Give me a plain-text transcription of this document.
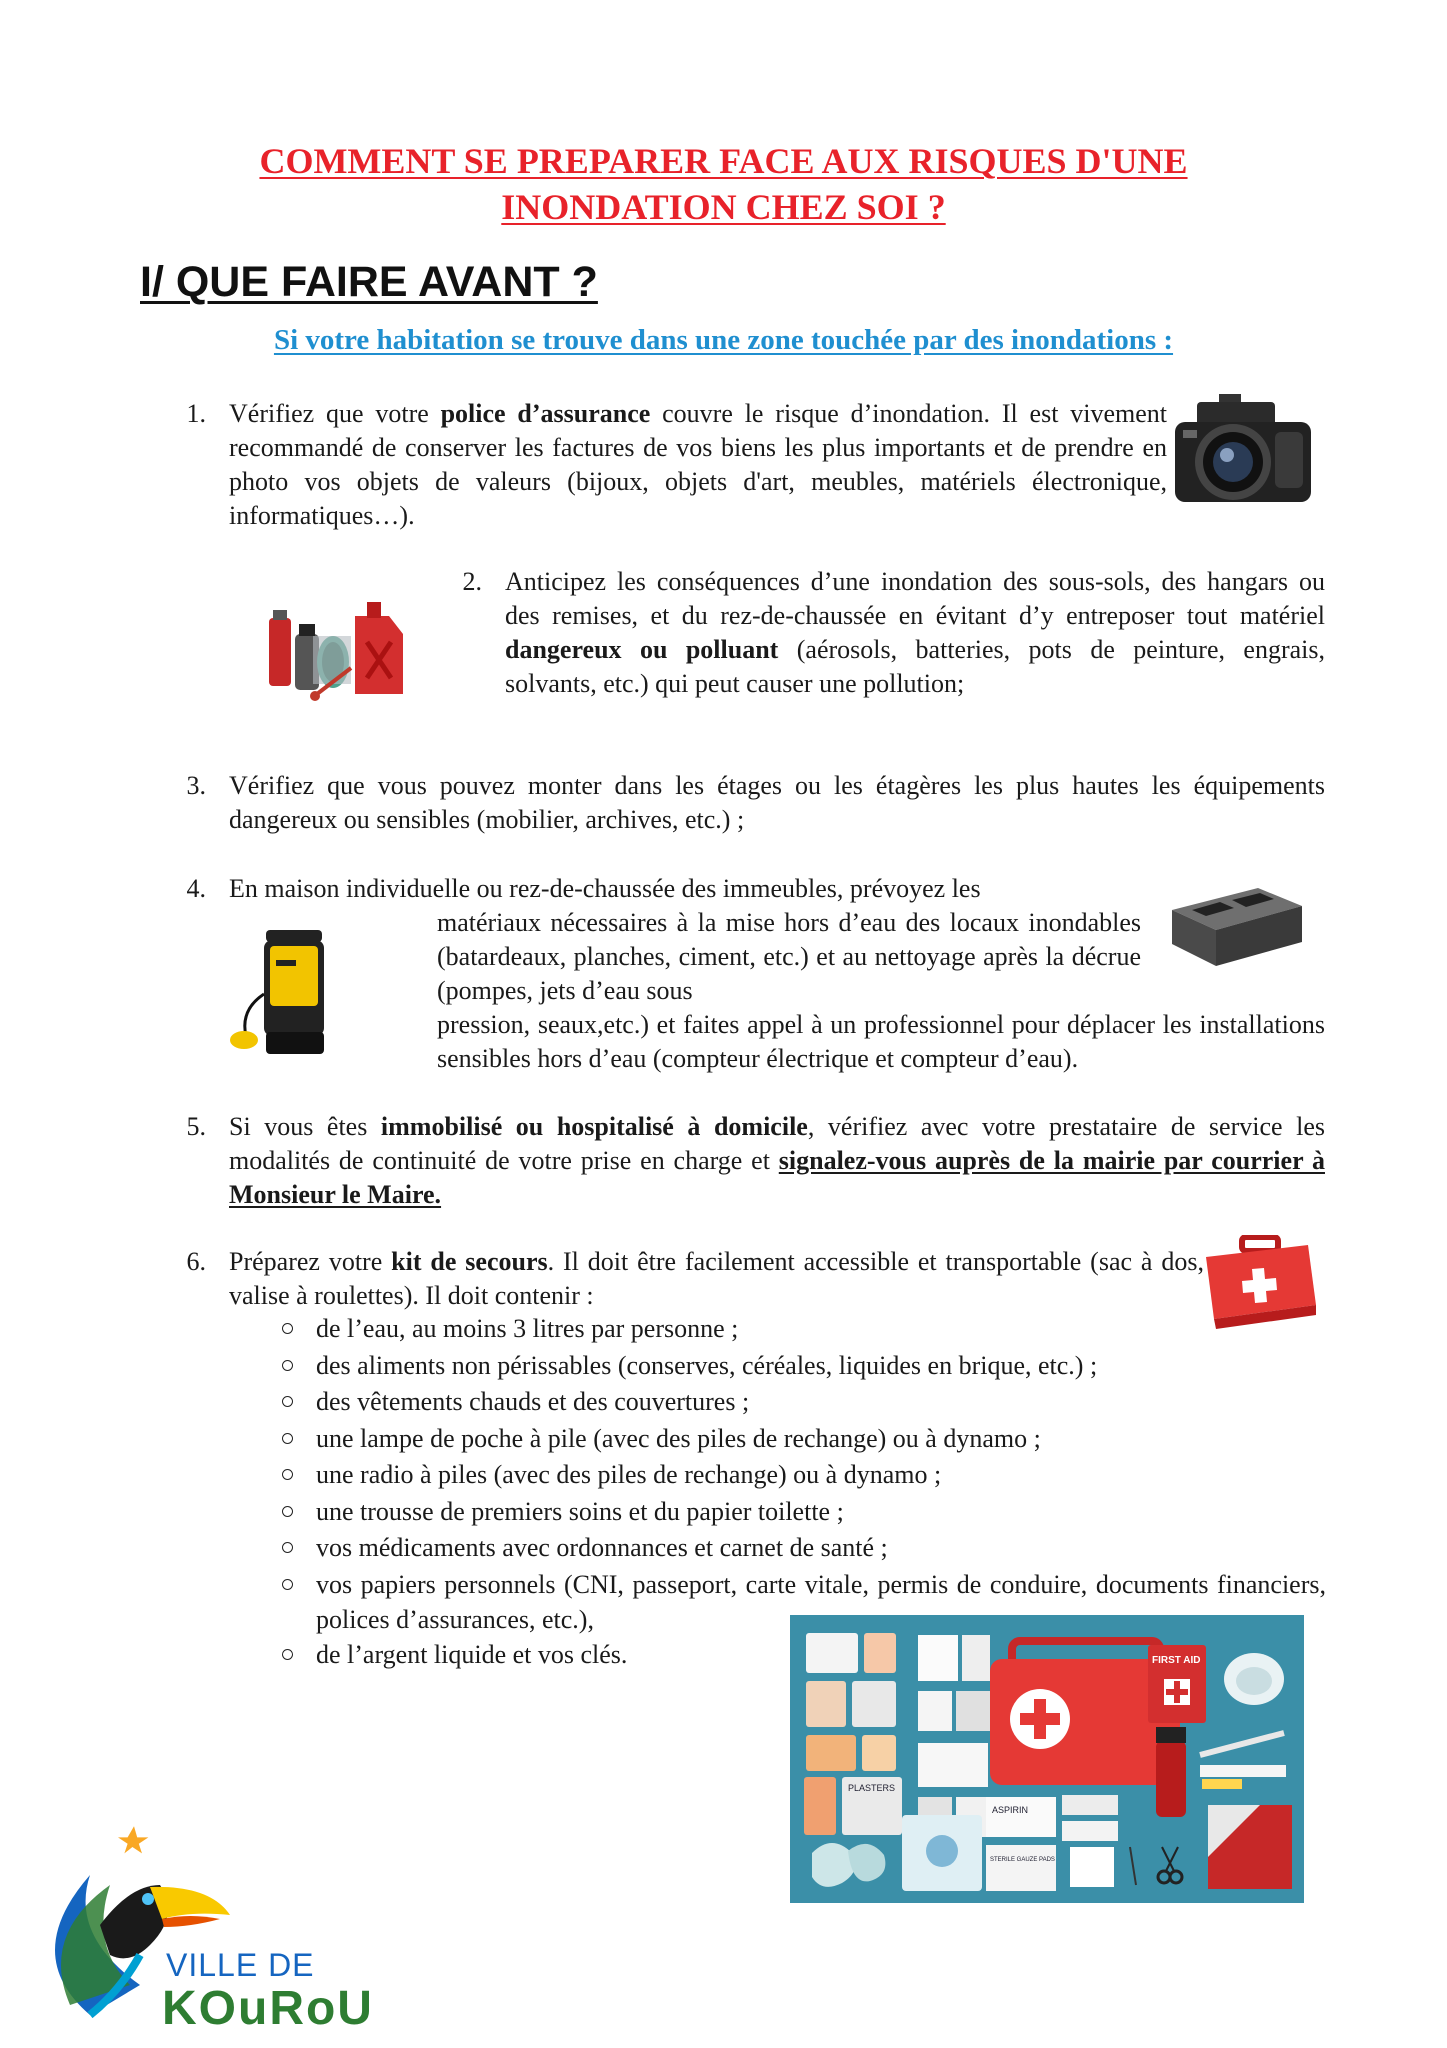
COMMENT SE PREPARER FACE AUX RISQUES D'UNE
INONDATION CHEZ SOI ?
I/ QUE FAIRE AVANT ?
Si votre habitation se trouve dans une zone touchée par des inondations :
1. Vérifiez que votre police d’assurance couvre le risque d’inondation. Il est vivement recommandé de conserver les factures de vos biens les plus importants et de prendre en photo vos objets de valeurs (bijoux, objets d'art, meubles, matériels électronique, informatiques…).
2. Anticipez les conséquences d’une inondation des sous-sols, des hangars ou des remises, et du rez-de-chaussée en évitant d’y entreposer tout matériel dangereux ou polluant (aérosols, batteries, pots de peinture, engrais, solvants, etc.) qui peut causer une pollution;
3. Vérifiez que vous pouvez monter dans les étages ou les étagères les plus hautes les équipements dangereux ou sensibles (mobilier, archives, etc.) ;
4. En maison individuelle ou rez-de-chaussée des immeubles, prévoyez les
matériaux nécessaires à la mise hors d’eau des locaux inondables (batardeaux, planches, ciment, etc.) et au nettoyage après la décrue (pompes, jets d’eau sous
pression, seaux,etc.) et faites appel à un professionnel pour déplacer les installations sensibles hors d’eau (compteur électrique et compteur d’eau).
5. Si vous êtes immobilisé ou hospitalisé à domicile, vérifiez avec votre prestataire de service les modalités de continuité de votre prise en charge et signalez-vous auprès de la mairie par courrier à Monsieur le Maire.
6. Préparez votre kit de secours. Il doit être facilement accessible et transportable (sac à dos, valise à roulettes). Il doit contenir :
de l’eau, au moins 3 litres par personne ;
des aliments non périssables (conserves, céréales, liquides en brique, etc.) ;
des vêtements chauds et des couvertures ;
une lampe de poche à pile (avec des piles de rechange) ou à dynamo ;
une radio à piles (avec des piles de rechange) ou à dynamo ;
une trousse de premiers soins et du papier toilette ;
vos médicaments avec ordonnances et carnet de santé ;
vos papiers personnels (CNI, passeport, carte vitale, permis de conduire, documents financiers, polices d’assurances, etc.),
de l’argent liquide et vos clés.
PLASTERS
ASPIRIN
STERILE GAUZE PADS
FIRST AID
VILLE DE
KOuRoU
